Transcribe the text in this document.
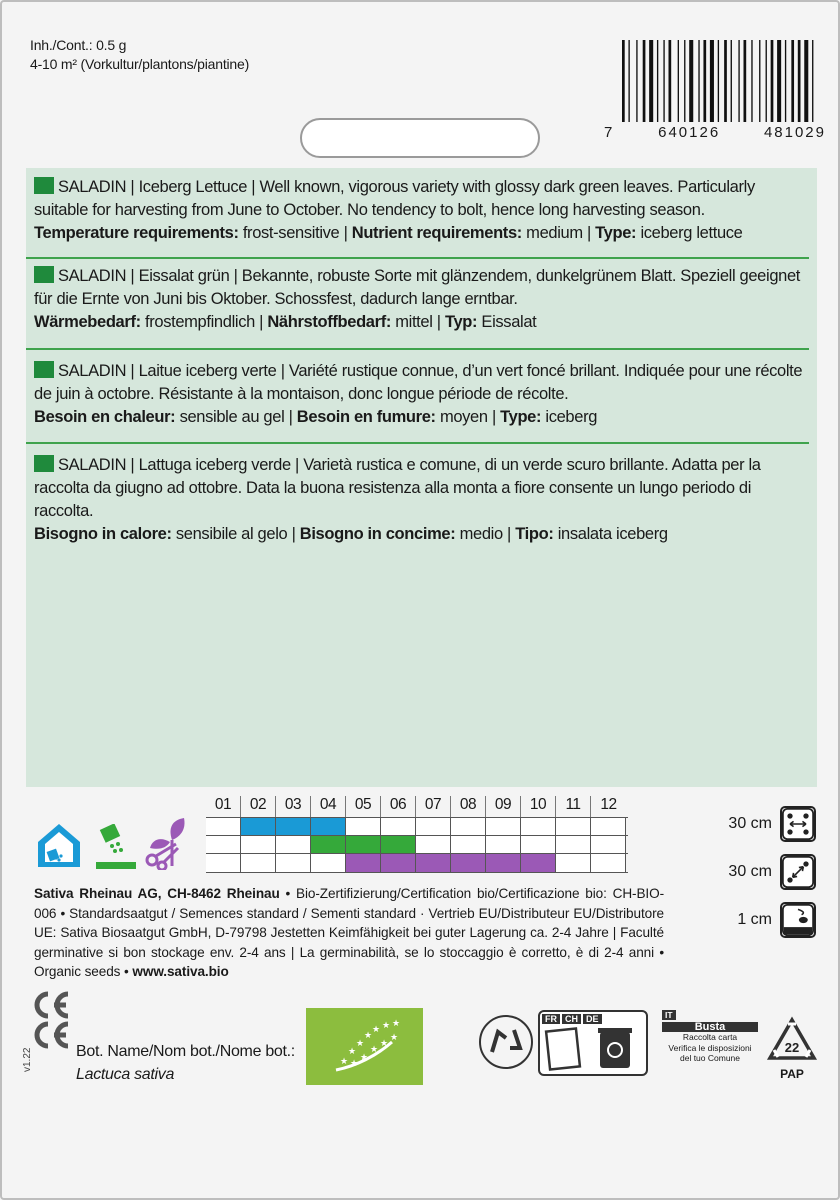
Inh./Cont.: 0.5 g
4-10 m² (Vorkultur/plantons/piantine)
7	640126	481029
SALADIN | Iceberg Lettuce | Well known, vigorous variety with glossy dark green leaves. Particularly suitable for harvesting from June to October. No tendency to bolt, hence long harvesting season.
Temperature requirements: frost-sensitive | Nutrient requirements: medium | Type: iceberg lettuce
SALADIN | Eissalat grün | Bekannte, robuste Sorte mit glänzendem, dunkelgrünem Blatt. Speziell geeignet für die Ernte von Juni bis Oktober. Schossfest, dadurch lange erntbar.
Wärmebedarf: frostempfindlich | Nährstoffbedarf: mittel | Typ: Eissalat
SALADIN | Laitue iceberg verte | Variété rustique connue, d’un vert foncé brillant. Indiquée pour une récolte de juin à octobre. Résistante à la montaison, donc longue période de récolte.
Besoin en chaleur: sensible au gel | Besoin en fumure: moyen | Type: iceberg
SALADIN | Lattuga iceberg verde | Varietà rustica e comune, di un verde scuro brillante. Adatta per la raccolta da giugno ad ottobre. Data la buona resistenza alla monta a fiore consente un lungo periodo di raccolta.
Bisogno in calore: sensibile al gelo | Bisogno in concime: medio | Tipo: insalata iceberg
01	02	03	04	05	06	07	08	09	10	11	12
30 cm
30 cm
1 cm
Sativa Rheinau AG, CH-8462 Rheinau • Bio-Zertifizierung/Certification bio/Certificazione bio: CH-BIO-006 • Standardsaatgut / Semences standard / Sementi standard · Vertrieb EU/Distributeur EU/Distributore UE: Sativa Biosaatgut GmbH, D-79798 Jestetten Keimfähigkeit bei guter Lagerung ca. 2-4 Jahre | Faculté germinative si bon stockage env. 2-4 ans | La germinabilità, se lo stoccaggio è corretto, è di 2-4 anni • Organic seeds • www.sativa.bio
v1.22	Bot. Name/Nom bot./Nome bot.:
Lactuca sativa
★
★
★
★
★ ★ ★
★
★
★
★
★
FR CH DE	IT
Busta
Raccolta carta
Verifica le disposizioni
del tuo Comune
22
PAP
